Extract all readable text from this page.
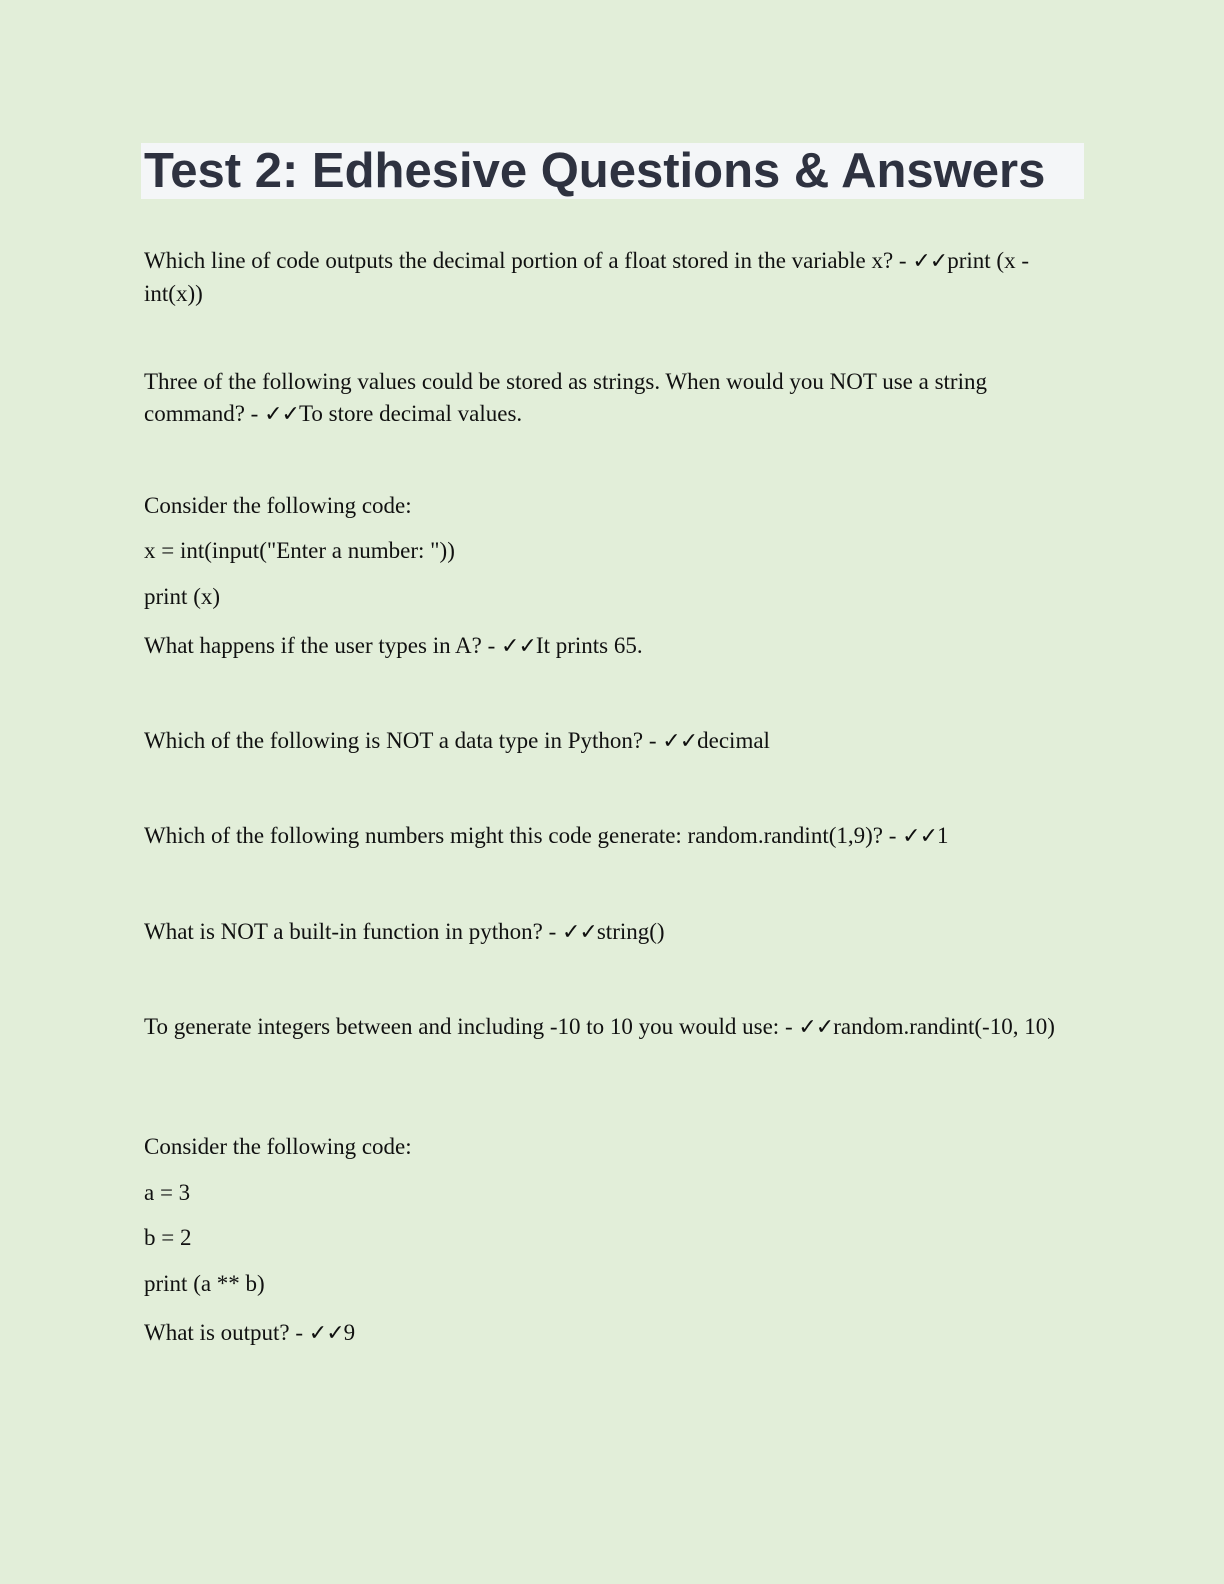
Test 2: Edhesive Questions & Answers

Which line of code outputs the decimal portion of a float stored in the variable x? - ✓✓print (x - int(x))

Three of the following values could be stored as strings. When would you NOT use a string command? - ✓✓To store decimal values.

Consider the following code:

x = int(input("Enter a number: "))

print (x)

What happens if the user types in A? - ✓✓It prints 65.

Which of the following is NOT a data type in Python? - ✓✓decimal

Which of the following numbers might this code generate: random.randint(1,9)? - ✓✓1

What is NOT a built-in function in python? - ✓✓string()

To generate integers between and including -10 to 10 you would use: - ✓✓random.randint(-10, 10)

Consider the following code:

a = 3

b = 2

print (a ** b)

What is output? - ✓✓9
